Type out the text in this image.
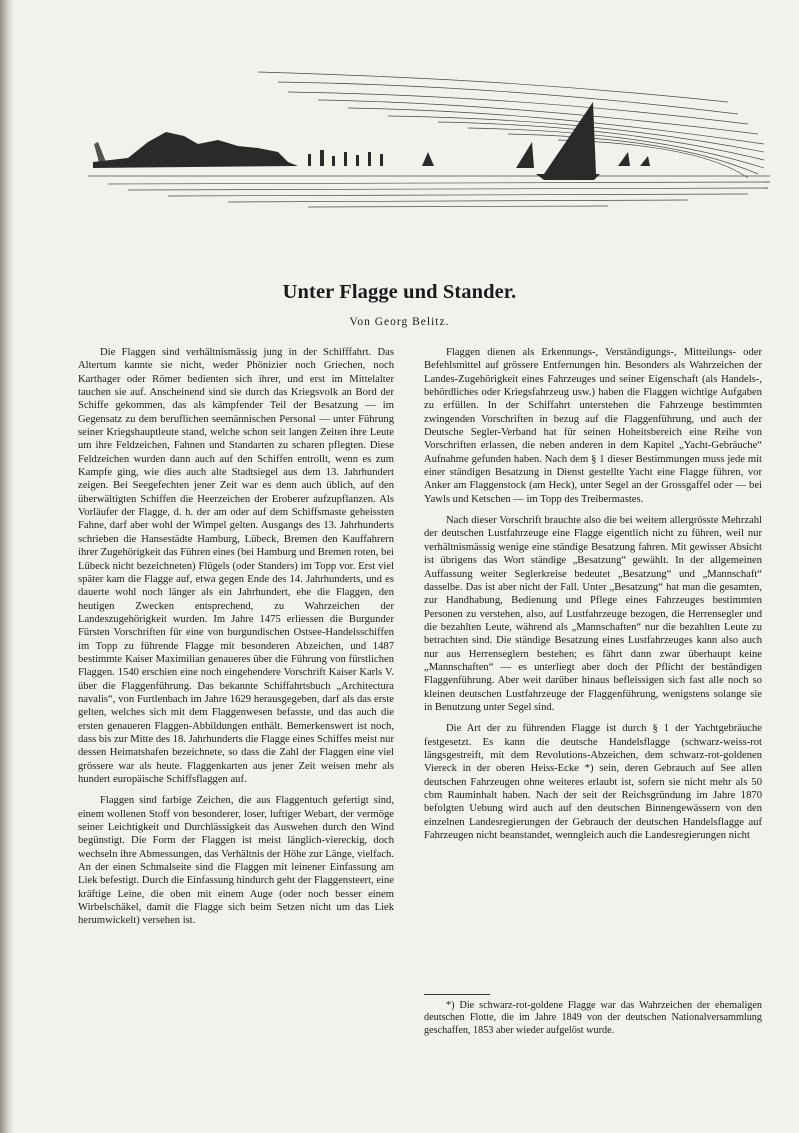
Unter Flagge und Stander.
Von Georg Belitz.

Die Flaggen sind verhältnismässig jung in der Schifffahrt. Das Altertum kannte sie nicht, weder Phönizier noch Griechen, noch Karthager oder Römer bedienten sich ihrer, und erst im Mittelalter tauchen sie auf. Anscheinend sind sie durch das Kriegsvolk an Bord der Schiffe gekommen, das als kämpfender Teil der Besatzung — im Gegensatz zu dem beruflichen seemännischen Personal — unter Führung seiner Kriegshauptleute stand, welche schon seit langen Zeiten ihre Leute um ihre Feldzeichen, Fahnen und Standarten zu scharen pflegten. Diese Feldzeichen wurden dann auch auf den Schiffen entrollt, wenn es zum Kampfe ging, wie dies auch alte Stadtsiegel aus dem 13. Jahrhundert zeigen. Bei Seegefechten jener Zeit war es denn auch üblich, auf den überwältigten Schiffen die Heerzeichen der Eroberer aufzupflanzen. Als Vorläufer der Flagge, d. h. der am oder auf dem Schiffsmaste geheissten Fahne, darf aber wohl der Wimpel gelten. Ausgangs des 13. Jahrhunderts schrieben die Hansestädte Hamburg, Lübeck, Bremen den Kauffahrern ihrer Zugehörigkeit das Führen eines (bei Hamburg und Bremen roten, bei Lübeck nicht bezeichneten) Flügels (oder Standers) im Topp vor. Erst viel später kam die Flagge auf, etwa gegen Ende des 14. Jahrhunderts, und es dauerte wohl noch länger als ein Jahrhundert, ehe die Flaggen, den heutigen Zwecken entsprechend, zu Wahrzeichen der Landeszugehörigkeit wurden. Im Jahre 1475 erliessen die Burgunder Fürsten Vorschriften für eine von burgundischen Ostsee-Handelsschiffen im Topp zu führende Flagge mit besonderen Abzeichen, und 1487 bestimmte Kaiser Maximilian genaueres über die Führung von fürstlichen Flaggen. 1540 erschien eine noch eingehendere Vorschrift Kaiser Karls V. über die Flaggenführung. Das bekannte Schiffahrtsbuch „Architectura navalis“, von Furtlenbach im Jahre 1629 herausgegeben, darf als das erste gelten, welches sich mit dem Flaggenwesen befasste, und das auch die ersten genaueren Flaggen-Abbildungen enthält. Bemerkenswert ist noch, dass bis zur Mitte des 18. Jahrhunderts die Flagge eines Schiffes meist nur dessen Heimatshafen bezeichnete, so dass die Zahl der Flaggen eine viel grössere war als heute. Flaggenkarten aus jener Zeit weisen mehr als hundert europäische Schiffsflaggen auf.

Flaggen sind farbige Zeichen, die aus Flaggentuch gefertigt sind, einem wollenen Stoff von besonderer, loser, luftiger Webart, der vermöge seiner Leichtigkeit und Durchlässigkeit das Auswehen durch den Wind begünstigt. Die Form der Flaggen ist meist länglich-viereckig, doch wechseln ihre Abmessungen, das Verhältnis der Höhe zur Länge, vielfach. An der einen Schmalseite sind die Flaggen mit leinener Einfassung am Liek befestigt. Durch die Einfassung hindurch geht der Flaggensteert, eine kräftige Leine, die oben mit einem Auge (oder noch besser einem Wirbelschäkel, damit die Flagge sich beim Setzen nicht um das Liek herumwickelt) versehen ist.

Flaggen dienen als Erkennungs-, Verständigungs-, Mitteilungs- oder Befehlsmittel auf grössere Entfernungen hin. Besonders als Wahrzeichen der Landes-Zugehörigkeit eines Fahrzeuges und seiner Eigenschaft (als Handels-, behördliches oder Kriegsfahrzeug usw.) haben die Flaggen wichtige Aufgaben zu erfüllen. In der Schiffahrt unterstehen die Fahrzeuge bestimmten zwingenden Vorschriften in bezug auf die Flaggenführung, und auch der Deutsche Segler-Verband hat für seinen Hoheitsbereich eine Reihe von Vorschriften erlassen, die neben anderen in dem Kapitel „Yacht-Gebräuche“ Aufnahme gefunden haben. Nach dem § 1 dieser Bestimmungen muss jede mit einer ständigen Besatzung in Dienst gestellte Yacht eine Flagge führen, vor Anker am Flaggenstock (am Heck), unter Segel an der Grossgaffel oder — bei Yawls und Ketschen — im Topp des Treibermastes.

Nach dieser Vorschrift brauchte also die bei weitem allergrösste Mehrzahl der deutschen Lustfahrzeuge eine Flagge eigentlich nicht zu führen, weil nur verhältnismässig wenige eine ständige Besatzung fahren. Mit gewisser Absicht ist übrigens das Wort ständige „Besatzung“ gewählt. In der allgemeinen Auffassung weiter Seglerkreise bedeutet „Besatzung“ und „Mannschaft“ dasselbe. Das ist aber nicht der Fall. Unter „Besatzung“ hat man die gesamten, zur Handhabung, Bedienung und Pflege eines Fahrzeuges bestimmten Personen zu verstehen, also, auf Lustfahrzeuge bezogen, die Herrensegler und die bezahlten Leute, während als „Mannschaften“ nur die bezahlten Leute zu betrachten sind. Die ständige Besatzung eines Lustfahrzeuges kann also auch nur aus Herrenseglern bestehen; es fährt dann zwar überhaupt keine „Mannschaften“ — es unterliegt aber doch der Pflicht der beständigen Flaggenführung. Aber weit darüber hinaus befleissigen sich fast alle noch so kleinen deutschen Lustfahrzeuge der Flaggenführung, wenigstens solange sie in Benutzung unter Segel sind.

Die Art der zu führenden Flagge ist durch § 1 der Yachtgebräuche festgesetzt. Es kann die deutsche Handelsflagge (schwarz-weiss-rot längsgestreift, mit dem Revolutions-Abzeichen, dem schwarz-rot-goldenen Viereck in der oberen Heiss-Ecke *) sein, deren Gebrauch auf See allen deutschen Fahrzeugen ohne weiteres erlaubt ist, sofern sie nicht mehr als 50 cbm Rauminhalt haben. Nach der seit der Reichsgründung im Jahre 1870 befolgten Uebung wird auch auf den deutschen Binnengewässern von den einzelnen Landesregierungen der Gebrauch der deutschen Handelsflagge auf Fahrzeugen nicht beanstandet, wenngleich auch die Landesregierungen nicht

*) Die schwarz-rot-goldene Flagge war das Wahrzeichen der ehemaligen deutschen Flotte, die im Jahre 1849 von der deutschen Nationalversammlung geschaffen, 1853 aber wieder aufgelöst wurde.
